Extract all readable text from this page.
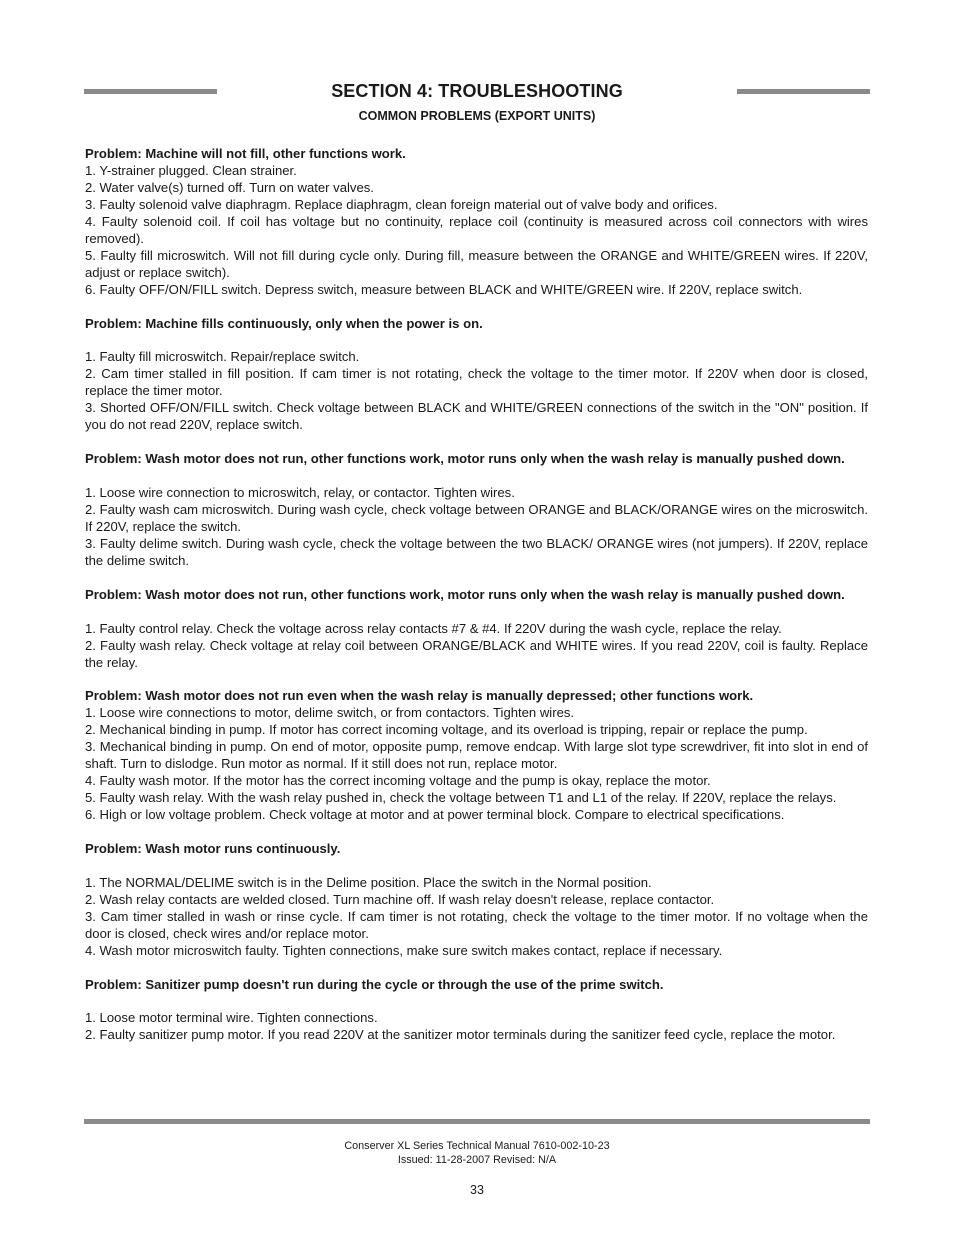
SECTION 4: TROUBLESHOOTING
COMMON PROBLEMS (EXPORT UNITS)
Problem: Machine will not fill, other functions work.
1. Y-strainer plugged. Clean strainer.
2. Water valve(s) turned off. Turn on water valves.
3. Faulty solenoid valve diaphragm. Replace diaphragm, clean foreign material out of valve body and orifices.
4. Faulty solenoid coil. If coil has voltage but no continuity, replace coil (continuity is measured across coil connectors with wires removed).
5. Faulty fill microswitch. Will not fill during cycle only. During fill, measure between the ORANGE and WHITE/GREEN wires. If 220V, adjust or replace switch).
6. Faulty OFF/ON/FILL switch. Depress switch, measure between BLACK and WHITE/GREEN wire. If 220V, replace switch.
Problem: Machine fills continuously, only when the power is on.
1. Faulty fill microswitch. Repair/replace switch.
2. Cam timer stalled in fill position. If cam timer is not rotating, check the voltage to the timer motor. If 220V when door is closed, replace the timer motor.
3. Shorted OFF/ON/FILL switch. Check voltage between BLACK and WHITE/GREEN connections of the switch in the "ON" position. If you do not read 220V, replace switch.
Problem: Wash motor does not run, other functions work, motor runs only when the wash relay is manually pushed down.
1. Loose wire connection to microswitch, relay, or contactor. Tighten wires.
2. Faulty wash cam microswitch. During wash cycle, check voltage between ORANGE and BLACK/ORANGE wires on the microswitch. If 220V, replace the switch.
3. Faulty delime switch. During wash cycle, check the voltage between the two BLACK/ ORANGE wires (not jumpers). If 220V, replace the delime switch.
Problem: Wash motor does not run, other functions work, motor runs only when the wash relay is manually pushed down.
1. Faulty control relay. Check the voltage across relay contacts #7 & #4. If 220V during the wash cycle, replace the relay.
2. Faulty wash relay. Check voltage at relay coil between ORANGE/BLACK and WHITE wires. If you read 220V, coil is faulty. Replace the relay.
Problem: Wash motor does not run even when the wash relay is manually depressed; other functions work.
1. Loose wire connections to motor, delime switch, or from contactors. Tighten wires.
2. Mechanical binding in pump. If motor has correct incoming voltage, and its overload is tripping, repair or replace the pump.
3. Mechanical binding in pump. On end of motor, opposite pump, remove endcap. With large slot type screwdriver, fit into slot in end of shaft. Turn to dislodge. Run motor as normal. If it still does not run, replace motor.
4. Faulty wash motor. If the motor has the correct incoming voltage and the pump is okay, replace the motor.
5. Faulty wash relay. With the wash relay pushed in, check the voltage between T1 and L1 of the relay. If 220V, replace the relays.
6. High or low voltage problem. Check voltage at motor and at power terminal block. Compare to electrical specifications.
Problem: Wash motor runs continuously.
1. The NORMAL/DELIME switch is in the Delime position. Place the switch in the Normal position.
2. Wash relay contacts are welded closed. Turn machine off. If wash relay doesn't release, replace contactor.
3. Cam timer stalled in wash or rinse cycle. If cam timer is not rotating, check the voltage to the timer motor. If no voltage when the door is closed, check wires and/or replace motor.
4. Wash motor microswitch faulty. Tighten connections, make sure switch makes contact, replace if necessary.
Problem: Sanitizer pump doesn't run during the cycle or through the use of the prime switch.
1. Loose motor terminal wire. Tighten connections.
2. Faulty sanitizer pump motor. If you read 220V at the sanitizer motor terminals during the sanitizer feed cycle, replace the motor.
Conserver XL Series Technical Manual 7610-002-10-23
Issued: 11-28-2007 Revised: N/A
33
